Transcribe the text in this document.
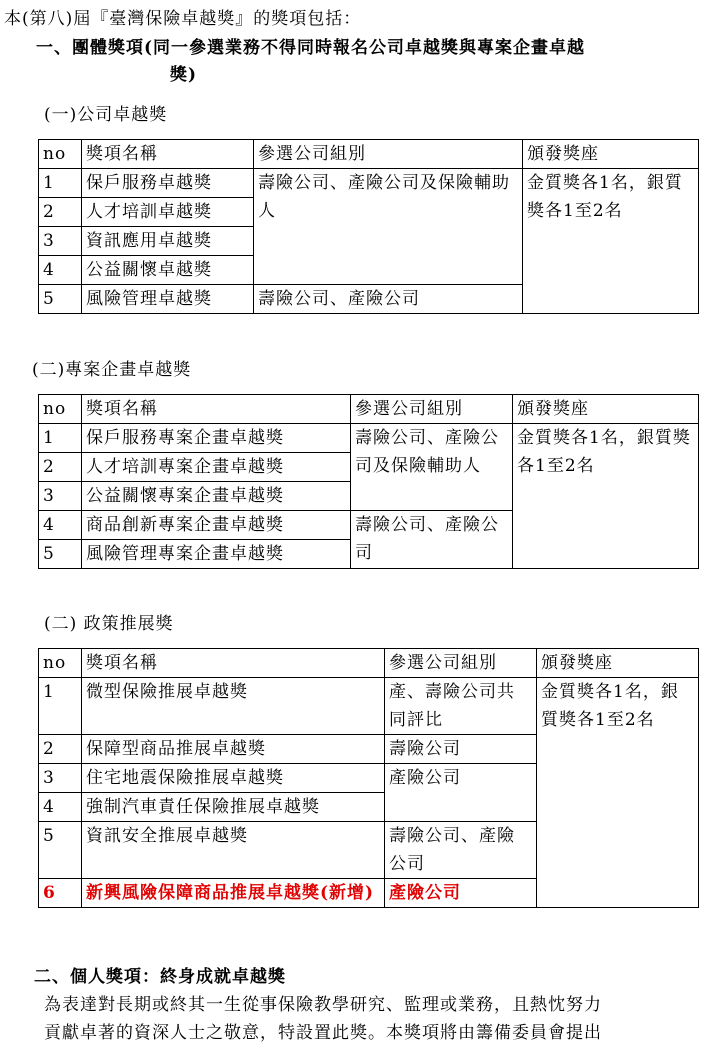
本(第八)屆『臺灣保險卓越獎』的獎項包括：
一、團體獎項(同一參選業務不得同時報名公司卓越獎與專案企畫卓越
獎)
(一)公司卓越獎
no	獎項名稱	參選公司組別	頒發獎座
1	保戶服務卓越獎	壽險公司、產險公司及保險輔助人	金質獎各1名，銀質獎各1至2名
2	人才培訓卓越獎		
3	資訊應用卓越獎		
4	公益關懷卓越獎		
5	風險管理卓越獎	壽險公司、產險公司	
(二)專案企畫卓越獎
no	獎項名稱	參選公司組別	頒發獎座
1	保戶服務專案企畫卓越獎	壽險公司、產險公司及保險輔助人	金質獎各1名，銀質獎各1至2名
2	人才培訓專案企畫卓越獎		
3	公益關懷專案企畫卓越獎		
4	商品創新專案企畫卓越獎	壽險公司、產險公司	
5	風險管理專案企畫卓越獎		
(二) 政策推展獎
no	獎項名稱	參選公司組別	頒發獎座
1	微型保險推展卓越獎	產、壽險公司共同評比	金質獎各1名，銀質獎各1至2名
2	保障型商品推展卓越獎	壽險公司	
3	住宅地震保險推展卓越獎	產險公司	
4	強制汽車責任保險推展卓越獎		
5	資訊安全推展卓越獎	壽險公司、產險公司	
6	新興風險保障商品推展卓越獎(新增)	產險公司	
二、個人獎項：終身成就卓越獎
為表達對長期或終其一生從事保險教學研究、監理或業務，且熱忱努力
貢獻卓著的資深人士之敬意，特設置此獎。本獎項將由籌備委員會提出
